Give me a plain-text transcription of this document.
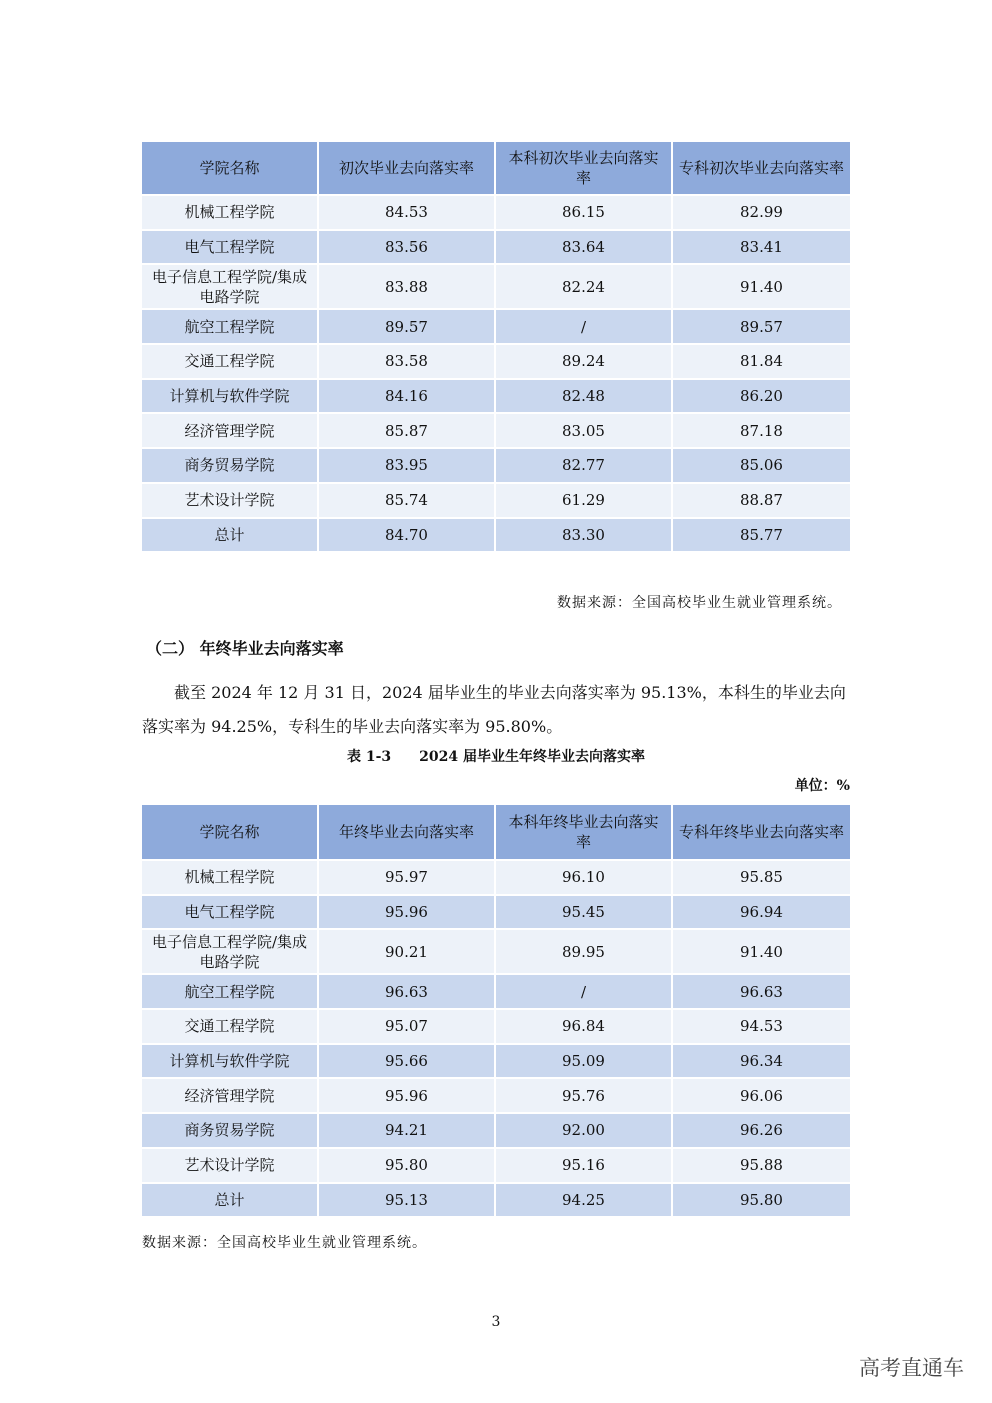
学院名称	初次毕业去向落实率	本科初次毕业去向落实率	专科初次毕业去向落实率
机械工程学院	84.53	86.15	82.99
电气工程学院	83.56	83.64	83.41
电子信息工程学院/集成电路学院	83.88	82.24	91.40
航空工程学院	89.57	/	89.57
交通工程学院	83.58	89.24	81.84
计算机与软件学院	84.16	82.48	86.20
经济管理学院	85.87	83.05	87.18
商务贸易学院	83.95	82.77	85.06
艺术设计学院	85.74	61.29	88.87
总计	84.70	83.30	85.77
数据来源：全国高校毕业生就业管理系统。
（二） 年终毕业去向落实率
截至 2024 年 12 月 31 日，2024 届毕业生的毕业去向落实率为 95.13%，本科生的毕业去向落实率为 94.25%，专科生的毕业去向落实率为 95.80%。
表 1-3　　2024 届毕业生年终毕业去向落实率
单位：%
学院名称	年终毕业去向落实率	本科年终毕业去向落实率	专科年终毕业去向落实率
机械工程学院	95.97	96.10	95.85
电气工程学院	95.96	95.45	96.94
电子信息工程学院/集成电路学院	90.21	89.95	91.40
航空工程学院	96.63	/	96.63
交通工程学院	95.07	96.84	94.53
计算机与软件学院	95.66	95.09	96.34
经济管理学院	95.96	95.76	96.06
商务贸易学院	94.21	92.00	96.26
艺术设计学院	95.80	95.16	95.88
总计	95.13	94.25	95.80
数据来源：全国高校毕业生就业管理系统。
3
高考直通车
